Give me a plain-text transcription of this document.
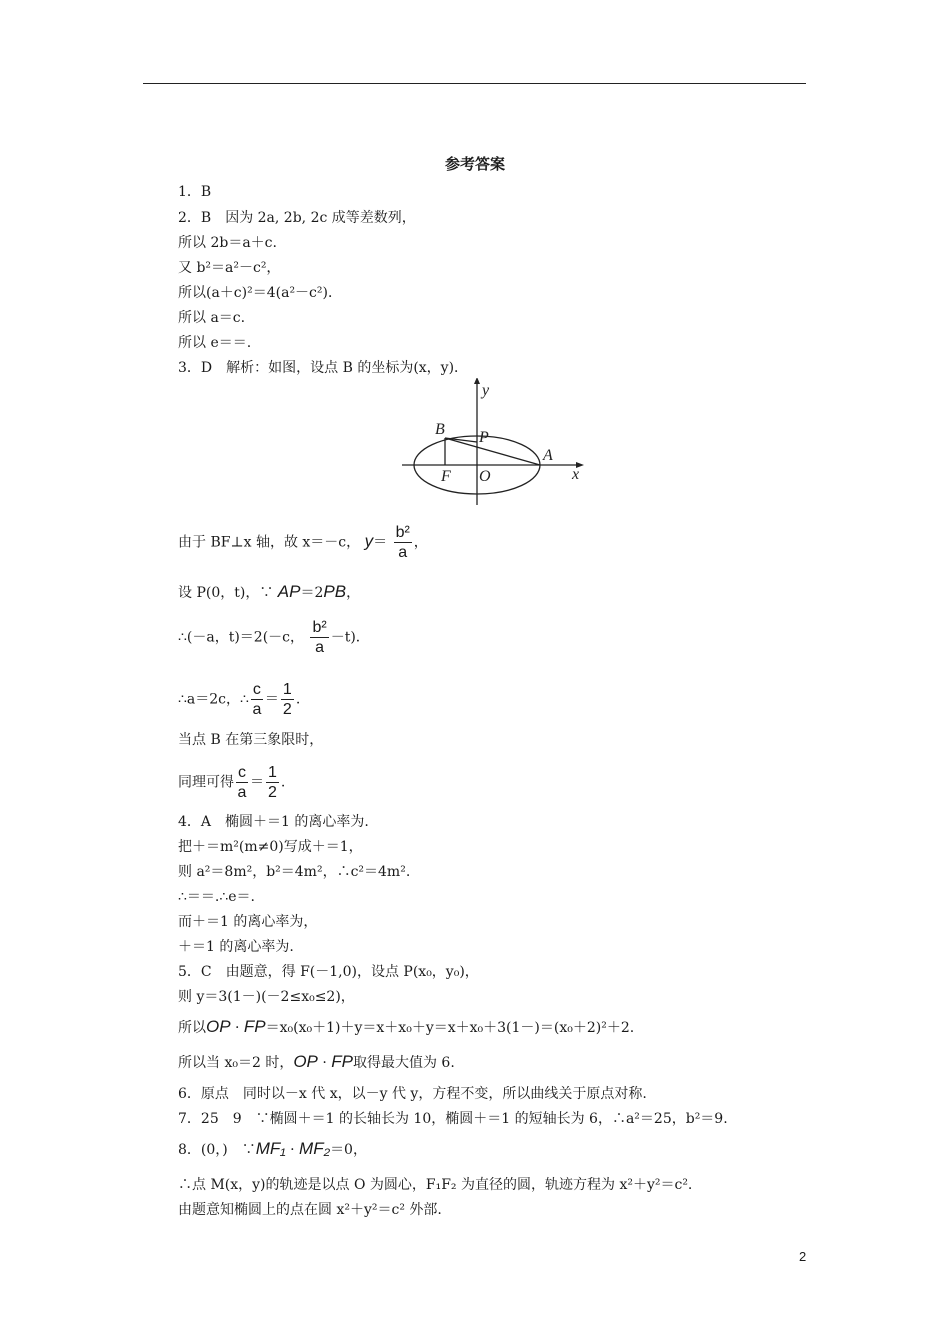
参考答案
1．B
2．B　因为 2a, 2b, 2c 成等差数列，
所以 2b＝a＋c.
又 b²＝a²－c²，
所以(a＋c)²＝4(a²－c²)．
所以 a＝c.
所以 e＝＝.
3．D　解析：如图，设点 B 的坐标为(x，y)．
y
x
B P
A
F O
由于 BF⊥x 轴，故 x＝－c， $y= \frac{\text{b²}}{a}$ ，
设 P(0，t)，∵ AP＝2PB，
∴(－a，t)＝2(－c， $\frac{\text{b²}}{a} -t$)．
∴a＝2c，∴ $\frac{c}{a} = \frac{1}{2}$ .
当点 B 在第三象限时，
同理可得 $\frac{c}{a} = \frac{1}{2}$ .
4．A　椭圆＋＝1 的离心率为.
把＋＝m²(m≠0)写成＋＝1，
则 a²＝8m²，b²＝4m²，∴c²＝4m².
∴＝＝.∴e＝.
而＋＝1 的离心率为，
＋＝1 的离心率为.
5．C　由题意，得 F(－1,0)，设点 P(x₀，y₀)，
则 y＝3(1－)(－2≤x₀≤2)，
所以OP · FP＝x₀(x₀＋1)＋y＝x＋x₀＋y＝x＋x₀＋3(1－)＝(x₀＋2)²＋2.
所以当 x₀＝2 时，OP · FP取得最大值为 6.
6．原点　同时以－x 代 x，以－y 代 y，方程不变，所以曲线关于原点对称.
7．25　9　∵椭圆＋＝1 的长轴长为 10，椭圆＋＝1 的短轴长为 6，∴a²＝25，b²＝9.
8．(0，)　∵MF₁ · MF₂＝0，
∴点 M(x，y)的轨迹是以点 O 为圆心，F₁F₂ 为直径的圆，轨迹方程为 x²＋y²＝c².
由题意知椭圆上的点在圆 x²＋y²＝c² 外部.
2
